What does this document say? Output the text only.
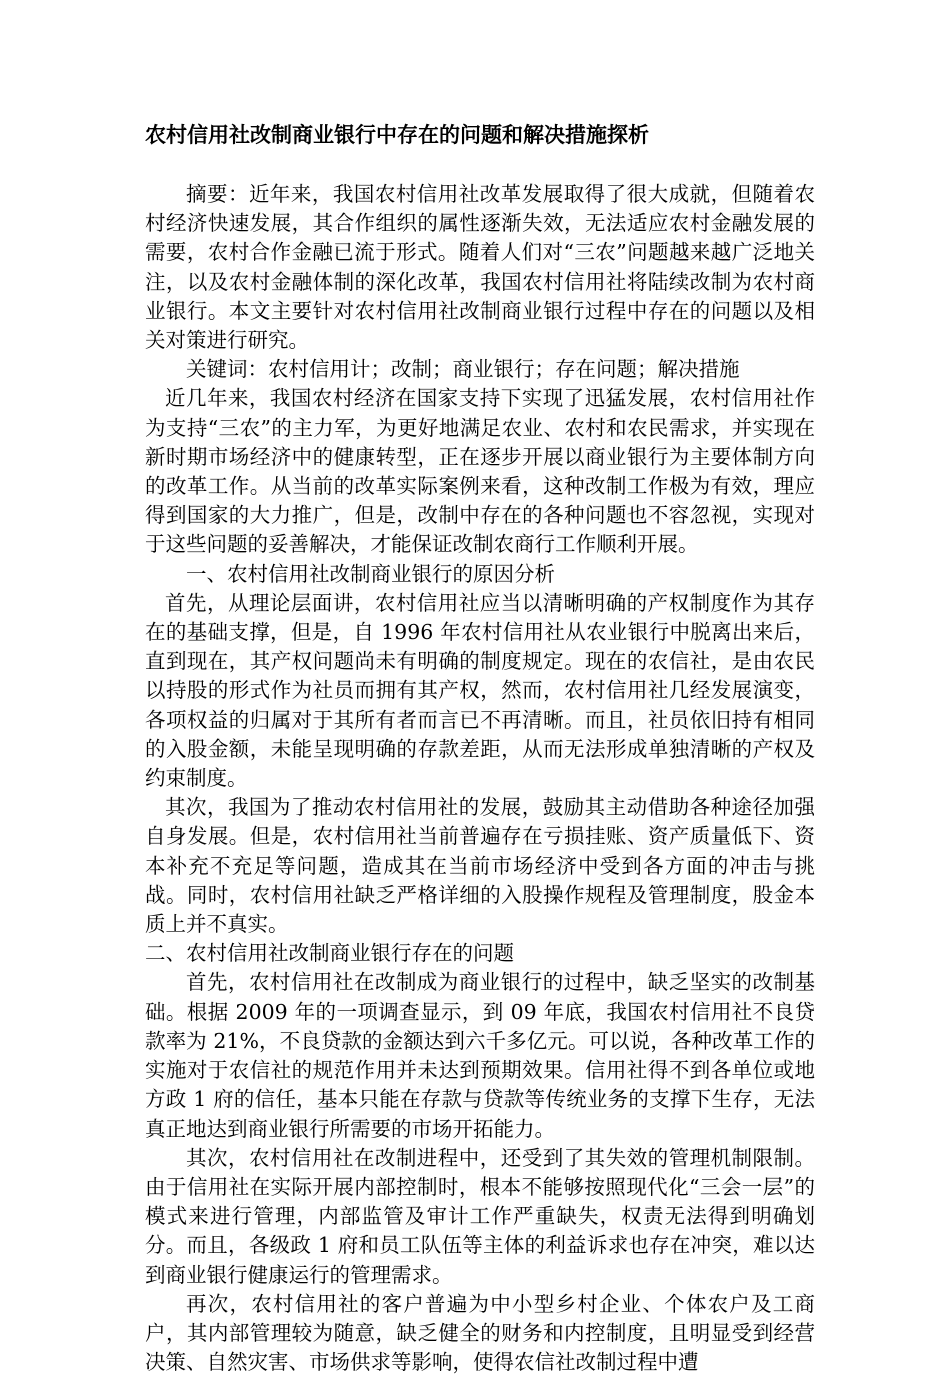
农村信用社改制商业银行中存在的问题和解决措施探析

摘要：近年来，我国农村信用社改革发展取得了很大成就，但随着农村经济快速发展，其合作组织的属性逐渐失效，无法适应农村金融发展的需要，农村合作金融已流于形式。随着人们对“三农”问题越来越广泛地关注，以及农村金融体制的深化改革，我国农村信用社将陆续改制为农村商业银行。本文主要针对农村信用社改制商业银行过程中存在的问题以及相关对策进行研究。

关键词：农村信用计；改制；商业银行；存在问题；解决措施

近几年来，我国农村经济在国家支持下实现了迅猛发展，农村信用社作为支持“三农”的主力军，为更好地满足农业、农村和农民需求，并实现在新时期市场经济中的健康转型，正在逐步开展以商业银行为主要体制方向的改革工作。从当前的改革实际案例来看，这种改制工作极为有效，理应得到国家的大力推广，但是，改制中存在的各种问题也不容忽视，实现对于这些问题的妥善解决，才能保证改制农商行工作顺利开展。

一、农村信用社改制商业银行的原因分析

首先，从理论层面讲，农村信用社应当以清晰明确的产权制度作为其存在的基础支撑，但是，自 1996 年农村信用社从农业银行中脱离出来后，直到现在，其产权问题尚未有明确的制度规定。现在的农信社，是由农民以持股的形式作为社员而拥有其产权，然而，农村信用社几经发展演变，各项权益的归属对于其所有者而言已不再清晰。而且，社员依旧持有相同的入股金额，未能呈现明确的存款差距，从而无法形成单独清晰的产权及约束制度。

其次，我国为了推动农村信用社的发展，鼓励其主动借助各种途径加强自身发展。但是，农村信用社当前普遍存在亏损挂账、资产质量低下、资本补充不充足等问题，造成其在当前市场经济中受到各方面的冲击与挑战。同时，农村信用社缺乏严格详细的入股操作规程及管理制度，股金本质上并不真实。

二、农村信用社改制商业银行存在的问题

首先，农村信用社在改制成为商业银行的过程中，缺乏坚实的改制基础。根据 2009 年的一项调查显示，到 09 年底，我国农村信用社不良贷款率为 21%，不良贷款的金额达到六千多亿元。可以说，各种改革工作的实施对于农信社的规范作用并未达到预期效果。信用社得不到各单位或地方政 1 府的信任，基本只能在存款与贷款等传统业务的支撑下生存，无法真正地达到商业银行所需要的市场开拓能力。

其次，农村信用社在改制进程中，还受到了其失效的管理机制限制。由于信用社在实际开展内部控制时，根本不能够按照现代化“三会一层”的模式来进行管理，内部监管及审计工作严重缺失，权责无法得到明确划分。而且，各级政 1 府和员工队伍等主体的利益诉求也存在冲突，难以达到商业银行健康运行的管理需求。

再次，农村信用社的客户普遍为中小型乡村企业、个体农户及工商户，其内部管理较为随意，缺乏健全的财务和内控制度，且明显受到经营决策、自然灾害、市场供求等影响，使得农信社改制过程中遭
